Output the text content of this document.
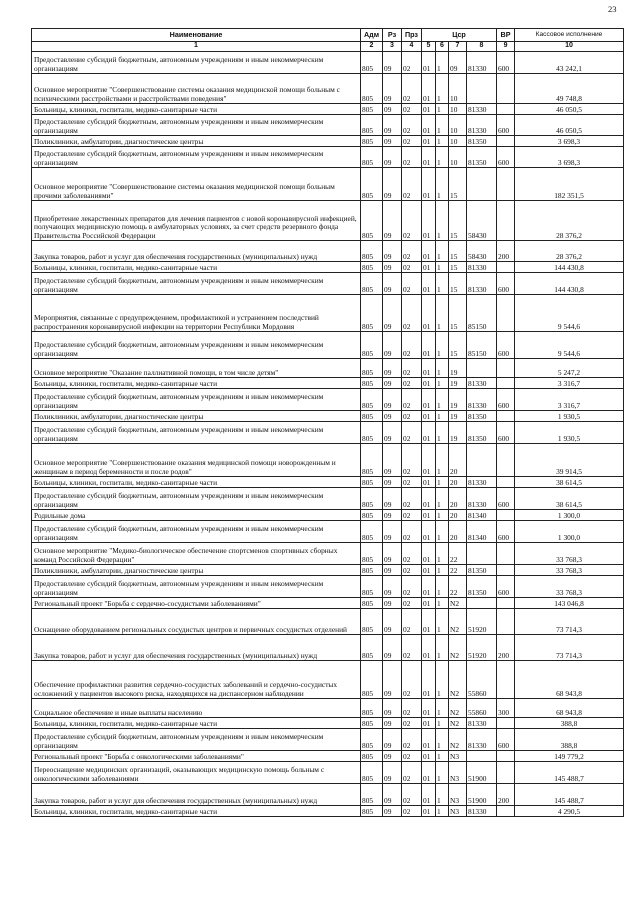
23
Наименование	Адм	Рз	Прз	Цср				ВР	Кассовое исполнение
1	2	3	4	5	6	7	8	9	10
Предоставление субсидий бюджетным, автономным учреждениям и иным некоммерческим организациям	805	09	02	01	1	09	81330	600	43 242,1
Основное мероприятие "Совершенствование системы оказания медицинской помощи больным с психическими расстройствами и расстройствами поведения"	805	09	02	01	1	10			49 748,8
Больницы, клиники, госпитали, медико-санитарные части	805	09	02	01	1	10	81330		46 050,5
Предоставление субсидий бюджетным, автономным учреждениям и иным некоммерческим организациям	805	09	02	01	1	10	81330	600	46 050,5
Поликлиники, амбулатории, диагностические центры	805	09	02	01	1	10	81350		3 698,3
Предоставление субсидий бюджетным, автономным учреждениям и иным некоммерческим организациям	805	09	02	01	1	10	81350	600	3 698,3
Основное мероприятие "Совершенствование системы оказания медицинской помощи больным прочими заболеваниями"	805	09	02	01	1	15			182 351,5
Приобретение лекарственных препаратов для лечения пациентов с новой коронавирусной инфекцией, получающих медицинскую помощь в амбулаторных условиях, за счет средств резервного фонда Правительства Российской Федерации	805	09	02	01	1	15	58430		28 376,2
Закупка товаров, работ и услуг для обеспечения государственных (муниципальных) нужд	805	09	02	01	1	15	58430	200	28 376,2
Больницы, клиники, госпитали, медико-санитарные части	805	09	02	01	1	15	81330		144 430,8
Предоставление субсидий бюджетным, автономным учреждениям и иным некоммерческим организациям	805	09	02	01	1	15	81330	600	144 430,8
Мероприятия, связанные с предупреждением, профилактикой и устранением последствий распространения коронавирусной инфекции на территории Республики Мордовия	805	09	02	01	1	15	85150		9 544,6
Предоставление субсидий бюджетным, автономным учреждениям и иным некоммерческим организациям	805	09	02	01	1	15	85150	600	9 544,6
Основное мероприятие "Оказание паллиативной помощи, в том числе детям"	805	09	02	01	1	19			5 247,2
Больницы, клиники, госпитали, медико-санитарные части	805	09	02	01	1	19	81330		3 316,7
Предоставление субсидий бюджетным, автономным учреждениям и иным некоммерческим организациям	805	09	02	01	1	19	81330	600	3 316,7
Поликлиники, амбулатории, диагностические центры	805	09	02	01	1	19	81350		1 930,5
Предоставление субсидий бюджетным, автономным учреждениям и иным некоммерческим организациям	805	09	02	01	1	19	81350	600	1 930,5
Основное мероприятие "Совершенствование оказания медицинской помощи новорожденным и женщинам в период беременности и после родов"	805	09	02	01	1	20			39 914,5
Больницы, клиники, госпитали, медико-санитарные части	805	09	02	01	1	20	81330		38 614,5
Предоставление субсидий бюджетным, автономным учреждениям и иным некоммерческим организациям	805	09	02	01	1	20	81330	600	38 614,5
Родильные дома	805	09	02	01	1	20	81340		1 300,0
Предоставление субсидий бюджетным, автономным учреждениям и иным некоммерческим организациям	805	09	02	01	1	20	81340	600	1 300,0
Основное мероприятие "Медико-биологическое обеспечение спортсменов спортивных сборных команд Российской Федерации"	805	09	02	01	1	22			33 768,3
Поликлиники, амбулатории, диагностические центры	805	09	02	01	1	22	81350		33 768,3
Предоставление субсидий бюджетным, автономным учреждениям и иным некоммерческим организациям	805	09	02	01	1	22	81350	600	33 768,3
Региональный проект "Борьба с сердечно-сосудистыми заболеваниями"	805	09	02	01	1	N2			143 046,8
Оснащение оборудованием региональных сосудистых центров и первичных сосудистых отделений	805	09	02	01	1	N2	51920		73 714,3
Закупка товаров, работ и услуг для обеспечения государственных (муниципальных) нужд	805	09	02	01	1	N2	51920	200	73 714,3
Обеспечение профилактики развития сердечно-сосудистых заболеваний и сердечно-сосудистых осложнений у пациентов высокого риска, находящихся на диспансерном наблюдении	805	09	02	01	1	N2	55860		68 943,8
Социальное обеспечение и иные выплаты населению	805	09	02	01	1	N2	55860	300	68 943,8
Больницы, клиники, госпитали, медико-санитарные части	805	09	02	01	1	N2	81330		388,8
Предоставление субсидий бюджетным, автономным учреждениям и иным некоммерческим организациям	805	09	02	01	1	N2	81330	600	388,8
Региональный проект "Борьба с онкологическими заболеваниями"	805	09	02	01	1	N3			149 779,2
Переоснащение медицинских организаций, оказывающих медицинскую помощь больным с онкологическими заболеваниями	805	09	02	01	1	N3	51900		145 488,7
Закупка товаров, работ и услуг для обеспечения государственных (муниципальных) нужд	805	09	02	01	1	N3	51900	200	145 488,7
Больницы, клиники, госпитали, медико-санитарные части	805	09	02	01	1	N3	81330		4 290,5
